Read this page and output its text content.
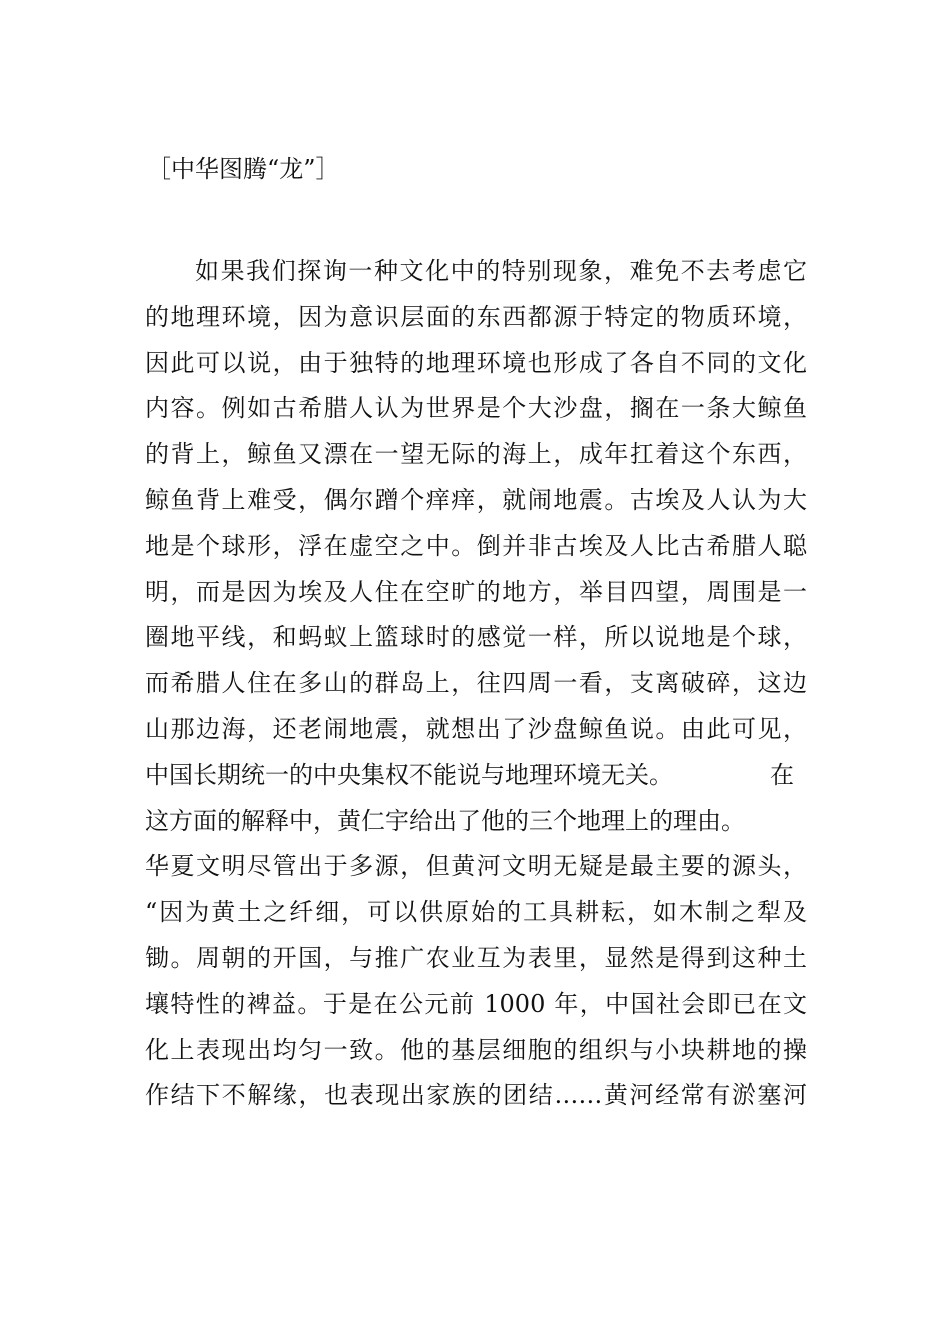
［中华图腾“龙”］
如果我们探询一种文化中的特别现象，难免不去考虑它
的地理环境，因为意识层面的东西都源于特定的物质环境，
因此可以说，由于独特的地理环境也形成了各自不同的文化
内容。例如古希腊人认为世界是个大沙盘，搁在一条大鲸鱼
的背上，鲸鱼又漂在一望无际的海上，成年扛着这个东西，
鲸鱼背上难受，偶尔蹭个痒痒，就闹地震。古埃及人认为大
地是个球形，浮在虚空之中。倒并非古埃及人比古希腊人聪
明，而是因为埃及人住在空旷的地方，举目四望，周围是一
圈地平线，和蚂蚁上篮球时的感觉一样，所以说地是个球，
而希腊人住在多山的群岛上，往四周一看，支离破碎，这边
山那边海，还老闹地震，就想出了沙盘鲸鱼说。由此可见，
中国长期统一的中央集权不能说与地理环境无关。	在
这方面的解释中，黄仁宇给出了他的三个地理上的理由。
华夏文明尽管出于多源，但黄河文明无疑是最主要的源头，
“因为黄土之纤细，可以供原始的工具耕耘，如木制之犁及
锄。周朝的开国，与推广农业互为表里，显然是得到这种土
壤特性的裨益。于是在公元前 1000 年，中国社会即已在文
化上表现出均匀一致。他的基层细胞的组织与小块耕地的操
作结下不解缘，也表现出家族的团结……黄河经常有淤塞河
